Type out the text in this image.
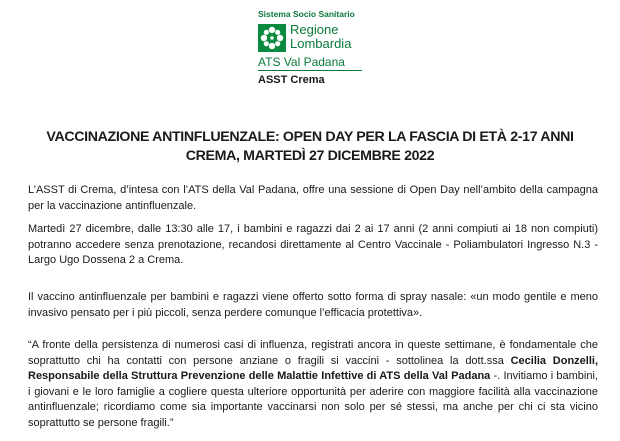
Sistema Socio Sanitario
Regione
Lombardia
ATS Val Padana
ASST Crema
VACCINAZIONE ANTINFLUENZALE: OPEN DAY PER LA FASCIA DI ETÀ 2-17 ANNI
CREMA, MARTEDÌ 27 DICEMBRE 2022
L’ASST di Crema, d’intesa con l’ATS della Val Padana, offre una sessione di Open Day nell’ambito della campagna per la vaccinazione antinfluenzale.
Martedì 27 dicembre, dalle 13:30 alle 17, i bambini e ragazzi dai 2 ai 17 anni (2 anni compiuti ai 18 non compiuti) potranno accedere senza prenotazione, recandosi direttamente al Centro Vaccinale - Poliambulatori Ingresso N.3 - Largo Ugo Dossena 2 a Crema.
Il vaccino antinfluenzale per bambini e ragazzi viene offerto sotto forma di spray nasale: «un modo gentile e meno invasivo pensato per i più piccoli, senza perdere comunque l’efficacia protettiva».
“A fronte della persistenza di numerosi casi di influenza, registrati ancora in queste settimane, è fondamentale che soprattutto chi ha contatti con persone anziane o fragili si vaccini - sottolinea la dott.ssa Cecilia Donzelli, Responsabile della Struttura Prevenzione delle Malattie Infettive di ATS della Val Padana -. Invitiamo i bambini, i giovani e le loro famiglie a cogliere questa ulteriore opportunità per aderire con maggiore facilità alla vaccinazione antinfluenzale; ricordiamo come sia importante vaccinarsi non solo per sé stessi, ma anche per chi ci sta vicino soprattutto se persone fragili.”
